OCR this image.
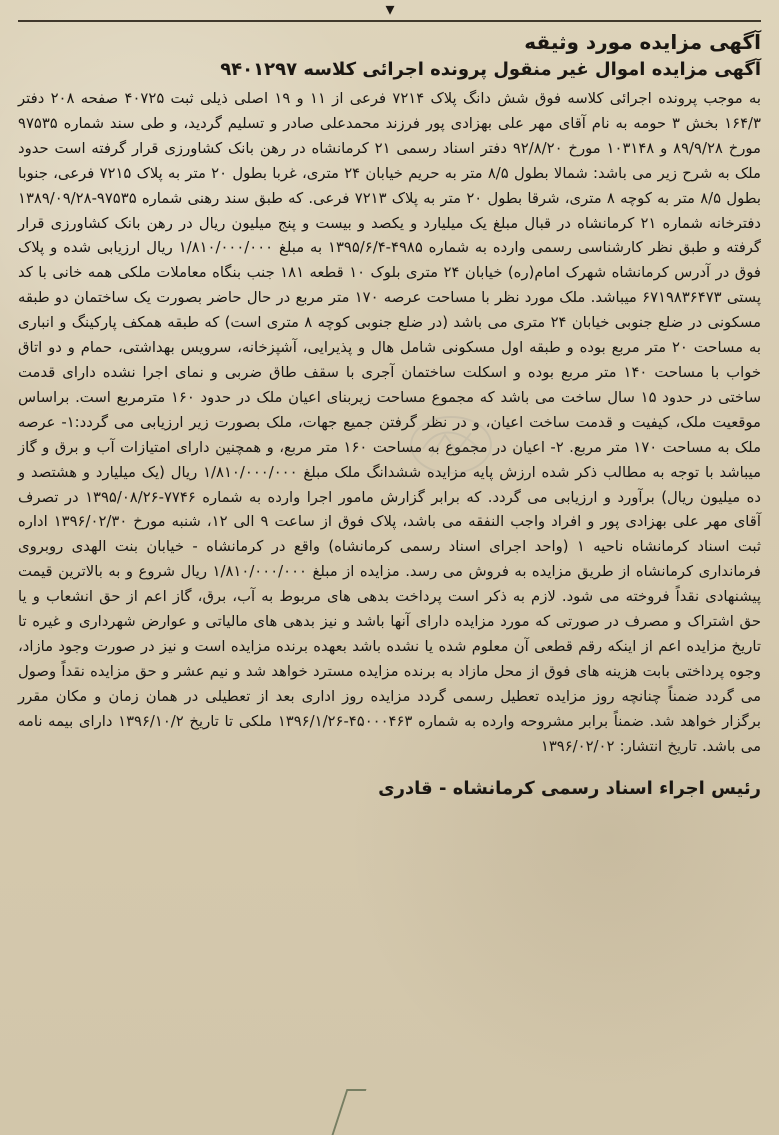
▾
آگهی مزایده مورد وثیقه
آگهی مزایده اموال غیر منقول پرونده اجرائی کلاسه ۹۴۰۱۲۹۷
به موجب پرونده اجرائی کلاسه فوق شش دانگ پلاک ۷۲۱۴ فرعی از ۱۱ و ۱۹ اصلی ذیلی ثبت ۴۰۷۲۵ صفحه ۲۰۸ دفتر ۱۶۴/۳ بخش ۳ حومه به نام آقای مهر علی بهزادی پور فرزند محمدعلی صادر و تسلیم گردید، و طی سند شماره ۹۷۵۳۵ مورخ ۸۹/۹/۲۸ و ۱۰۳۱۴۸ مورخ ۹۲/۸/۲۰ دفتر اسناد رسمی ۲۱ کرمانشاه در رهن بانک کشاورزی قرار گرفته است حدود ملک به شرح زیر می باشد: شمالا بطول ۸/۵ متر به حریم خیابان ۲۴ متری، غربا بطول ۲۰ متر به پلاک ۷۲۱۵ فرعی، جنوبا بطول ۸/۵ متر به کوچه ۸ متری، شرقا بطول ۲۰ متر به پلاک ۷۲۱۳ فرعی. که طبق سند رهنی شماره ۹۷۵۳۵-۱۳۸۹/۰۹/۲۸ دفترخانه شماره ۲۱ کرمانشاه در قبال مبلغ یک میلیارد و یکصد و بیست و پنج میلیون ریال در رهن بانک کشاورزی قرار گرفته و طبق نظر کارشناسی رسمی وارده به شماره ۴۹۸۵-۱۳۹۵/۶/۴ به مبلغ ۱/۸۱۰/۰۰۰/۰۰۰ ریال ارزیابی شده و پلاک فوق در آدرس کرمانشاه شهرک امام(ره) خیابان ۲۴ متری بلوک ۱۰ قطعه ۱۸۱ جنب بنگاه معاملات ملکی همه خانی با کد پستی ۶۷۱۹۸۳۶۴۷۳ میباشد. ملک مورد نظر با مساحت عرصه ۱۷۰ متر مربع در حال حاضر بصورت یک ساختمان دو طبقه مسکونی در ضلع جنوبی خیابان ۲۴ متری می باشد (در ضلع جنوبی کوچه ۸ متری است) که طبقه همکف پارکینگ و انباری به مساحت ۲۰ متر مربع بوده و طبقه اول مسکونی شامل هال و پذیرایی، آشپزخانه، سرویس بهداشتی، حمام و دو اتاق خواب با مساحت ۱۴۰ متر مربع بوده و اسکلت ساختمان آجری با سقف طاق ضربی و نمای اجرا نشده دارای قدمت ساختی در حدود ۱۵ سال ساخت می باشد که مجموع مساحت زیربنای اعیان ملک در حدود ۱۶۰ مترمربع است. براساس موقعیت ملک، کیفیت و قدمت ساخت اعیان، و در نظر گرفتن جمیع جهات، ملک بصورت زیر ارزیابی می گردد:۱- عرصه ملک به مساحت ۱۷۰ متر مربع. ۲- اعیان در مجموع به مساحت ۱۶۰ متر مربع، و همچنین دارای امتیازات آب و برق و گاز میباشد با توجه به مطالب ذکر شده ارزش پایه مزایده ششدانگ ملک مبلغ ۱/۸۱۰/۰۰۰/۰۰۰ ریال (یک میلیارد و هشتصد و ده میلیون ریال) برآورد و ارزیابی می گردد. که برابر گزارش مامور اجرا وارده به شماره ۷۷۴۶-۱۳۹۵/۰۸/۲۶ در تصرف آقای مهر علی بهزادی پور و افراد واجب النفقه می باشد، پلاک فوق از ساعت ۹ الی ۱۲، شنبه مورخ ۱۳۹۶/۰۲/۳۰ اداره ثبت اسناد کرمانشاه ناحیه ۱ (واحد اجرای اسناد رسمی کرمانشاه) واقع در کرمانشاه - خیابان بنت الهدی روبروی فرمانداری کرمانشاه از طریق مزایده به فروش می رسد. مزایده از مبلغ ۱/۸۱۰/۰۰۰/۰۰۰ ریال شروع و به بالاترین قیمت پیشنهادی نقداً فروخته می شود. لازم به ذکر است پرداخت بدهی های مربوط به آب، برق، گاز اعم از حق انشعاب و یا حق اشتراک و مصرف در صورتی که مورد مزایده دارای آنها باشد و نیز بدهی های مالیاتی و عوارض شهرداری و غیره تا تاریخ مزایده اعم از اینکه رقم قطعی آن معلوم شده یا نشده باشد بعهده برنده مزایده است و نیز در صورت وجود مازاد، وجوه پرداختی بابت هزینه های فوق از محل مازاد به برنده مزایده مسترد خواهد شد و نیم عشر و حق مزایده نقداً وصول می گردد ضمناً چنانچه روز مزایده تعطیل رسمی گردد مزایده روز اداری بعد از تعطیلی در همان زمان و مکان مقرر برگزار خواهد شد. ضمناً برابر مشروحه وارده به شماره ۴۵۰۰۰۴۶۳-۱۳۹۶/۱/۲۶ ملکی تا تاریخ ۱۳۹۶/۱۰/۲ دارای بیمه نامه می باشد. تاریخ انتشار: ۱۳۹۶/۰۲/۰۲
رئیس اجراء اسناد رسمی کرمانشاه - قادری
